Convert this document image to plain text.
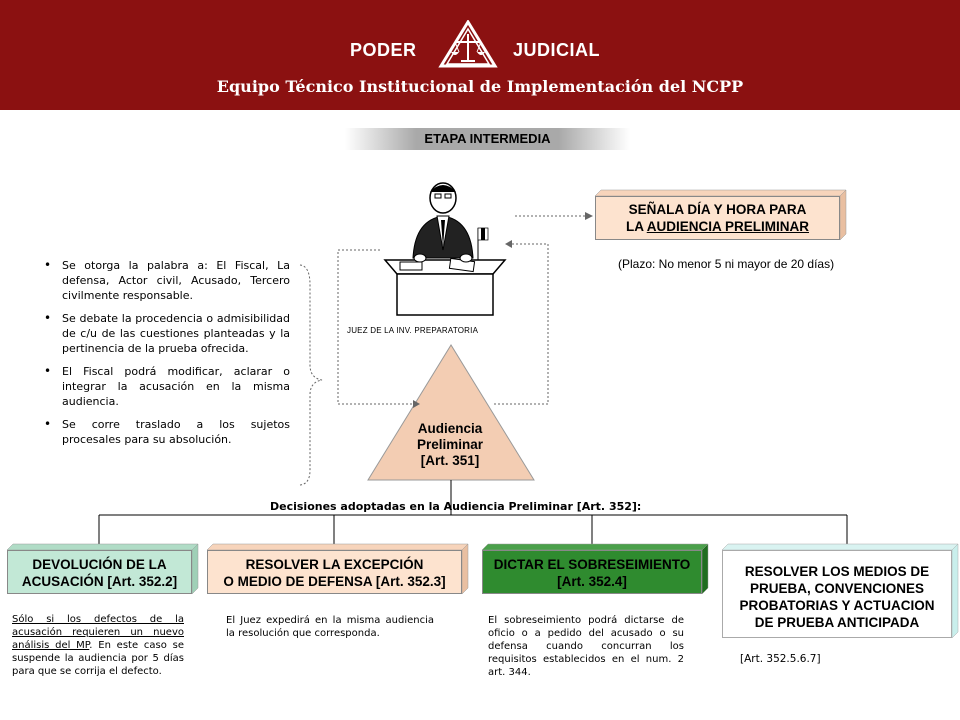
PODER	JUDICIAL
Equipo Técnico Institucional de Implementación del NCPP
ETAPA INTERMEDIA
JUEZ DE LA INV. PREPARATORIA
SEÑALA DÍA Y HORA PARA
LA AUDIENCIA PRELIMINAR
(Plazo: No menor 5 ni mayor de 20 días)
• Se otorga la palabra a: El Fiscal, La defensa, Actor civil, Acusado, Tercero civilmente responsable.
• Se debate la procedencia o admisibilidad de c/u de las cuestiones planteadas y la pertinencia de la prueba ofrecida.
• El Fiscal podrá modificar, aclarar o integrar la acusación en la misma audiencia.
• Se corre traslado a los sujetos procesales para su absolución.
Audiencia
Preliminar
[Art. 351]
Decisiones adoptadas en la Audiencia Preliminar [Art. 352]:
DEVOLUCIÓN DE LA
ACUSACIÓN [Art. 352.2]
RESOLVER LA EXCEPCIÓN
O MEDIO DE DEFENSA [Art. 352.3]
DICTAR EL SOBRESEIMIENTO
[Art. 352.4]
RESOLVER LOS MEDIOS DE
PRUEBA, CONVENCIONES
PROBATORIAS Y ACTUACION
DE PRUEBA ANTICIPADA
Sólo si los defectos de la acusación requieren un nuevo análisis del MP. En este caso se suspende la audiencia por 5 días para que se corrija el defecto.
El Juez expedirá en la misma audiencia la resolución que corresponda.
El sobreseimiento podrá dictarse de oficio o a pedido del acusado o su defensa cuando concurran los requisitos establecidos en el num. 2 art. 344.
[Art. 352.5.6.7]
